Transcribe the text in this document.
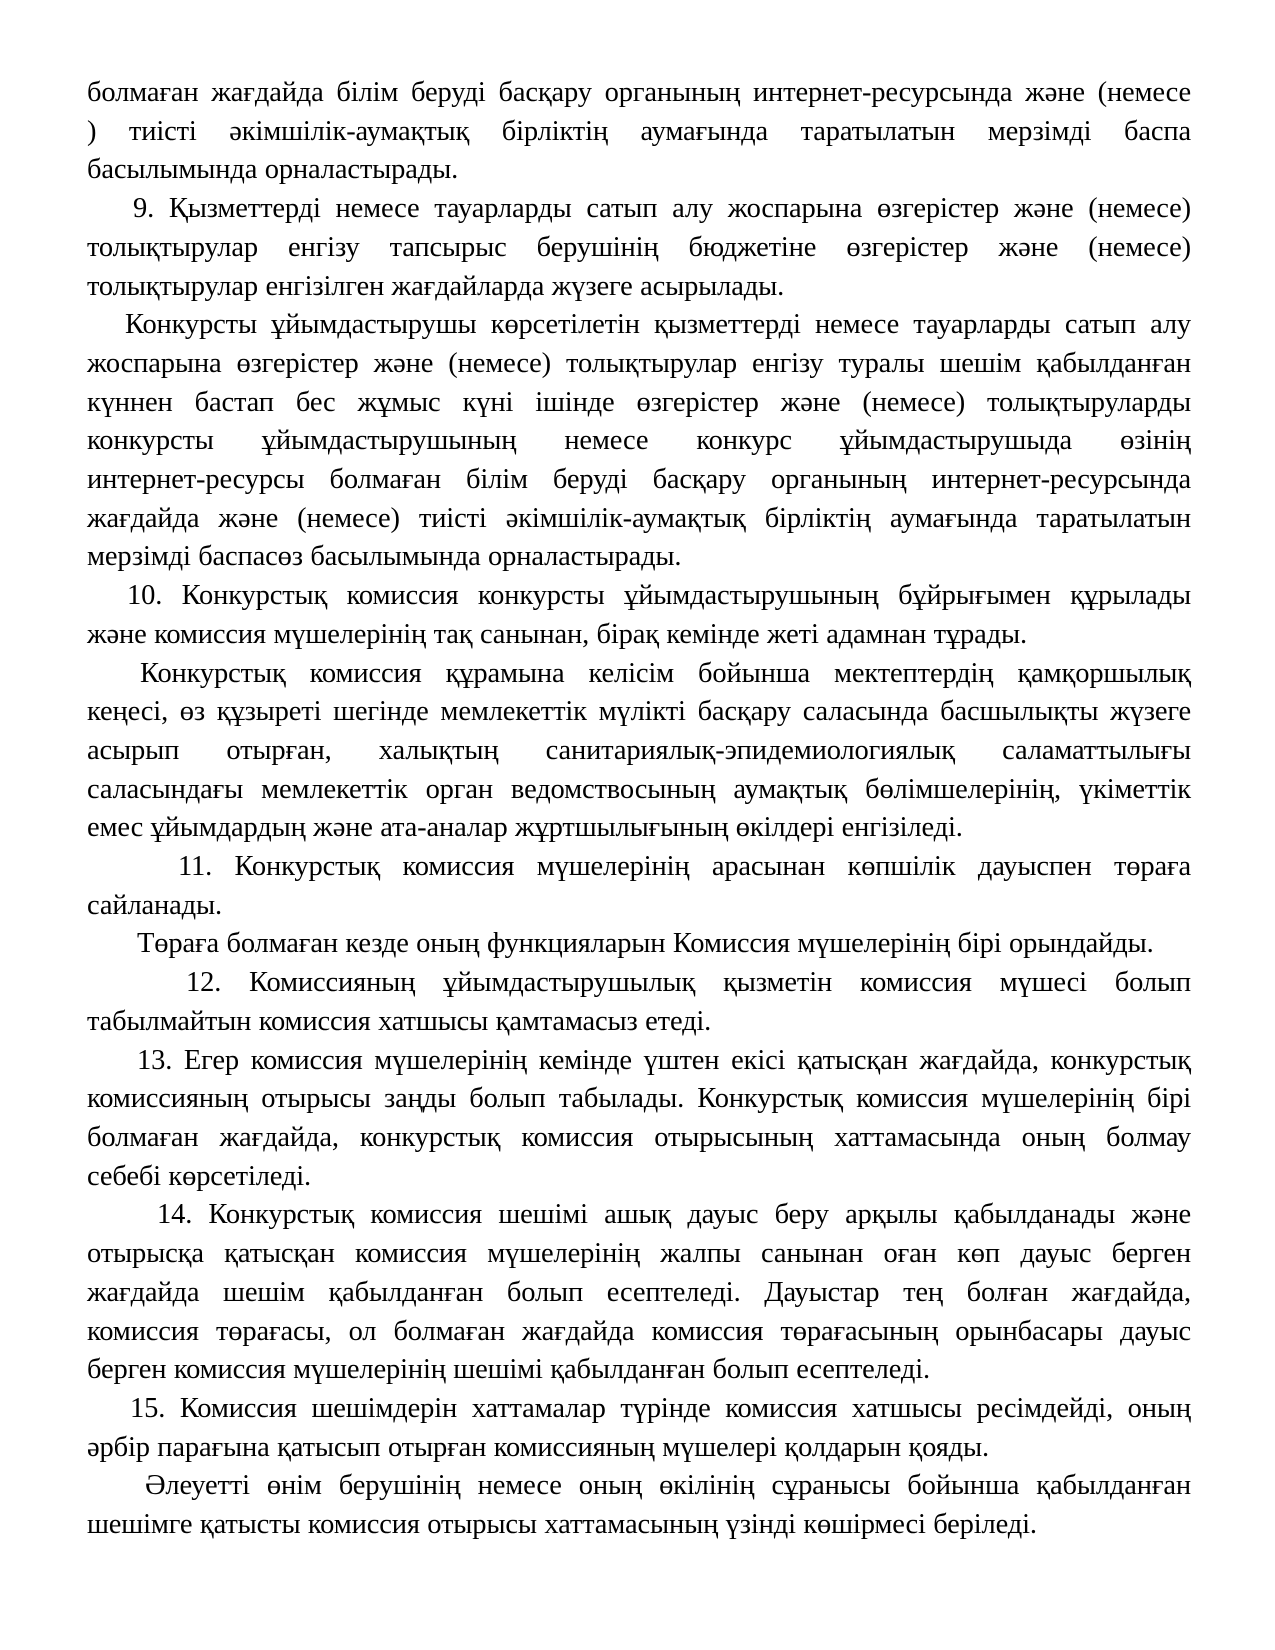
болмаған жағдайда білім беруді басқару органының интернет-ресурсында және (немесе
) тиісті әкімшілік-аумақтық бірліктің аумағында таратылатын мерзімді баспа
басылымында орналастырады.
9. Қызметтерді немесе тауарларды сатып алу жоспарына өзгерістер және (немесе)
толықтырулар енгізу тапсырыс берушінің бюджетіне өзгерістер және (немесе)
толықтырулар енгізілген жағдайларда жүзеге асырылады.
Конкурсты ұйымдастырушы көрсетілетін қызметтерді немесе тауарларды сатып алу
жоспарына өзгерістер және (немесе) толықтырулар енгізу туралы шешім қабылданған
күннен бастап бес жұмыс күні ішінде өзгерістер және (немесе) толықтыруларды
конкурсты ұйымдастырушының немесе конкурс ұйымдастырушыда өзінің
интернет-ресурсы болмаған білім беруді басқару органының интернет-ресурсында
жағдайда және (немесе) тиісті әкімшілік-аумақтық бірліктің аумағында таратылатын
мерзімді баспасөз басылымында орналастырады.
10. Конкурстық комиссия конкурсты ұйымдастырушының бұйрығымен құрылады
және комиссия мүшелерінің тақ санынан, бірақ кемінде жеті адамнан тұрады.
Конкурстық комиссия құрамына келісім бойынша мектептердің қамқоршылық
кеңесі, өз құзыреті шегінде мемлекеттік мүлікті басқару саласында басшылықты жүзеге
асырып отырған, халықтың санитариялық-эпидемиологиялық саламаттылығы
саласындағы мемлекеттік орган ведомствосының аумақтық бөлімшелерінің, үкіметтік
емес ұйымдардың және ата-аналар жұртшылығының өкілдері енгізіледі.
11. Конкурстық комиссия мүшелерінің арасынан көпшілік дауыспен төраға
сайланады.
Төраға болмаған кезде оның функцияларын Комиссия мүшелерінің бірі орындайды.
12. Комиссияның ұйымдастырушылық қызметін комиссия мүшесі болып
табылмайтын комиссия хатшысы қамтамасыз етеді.
13. Егер комиссия мүшелерінің кемінде үштен екісі қатысқан жағдайда, конкурстық
комиссияның отырысы заңды болып табылады. Конкурстық комиссия мүшелерінің бірі
болмаған жағдайда, конкурстық комиссия отырысының хаттамасында оның болмау
себебі көрсетіледі.
14. Конкурстық комиссия шешімі ашық дауыс беру арқылы қабылданады және
отырысқа қатысқан комиссия мүшелерінің жалпы санынан оған көп дауыс берген
жағдайда шешім қабылданған болып есептеледі. Дауыстар тең болған жағдайда,
комиссия төрағасы, ол болмаған жағдайда комиссия төрағасының орынбасары дауыс
берген комиссия мүшелерінің шешімі қабылданған болып есептеледі.
15. Комиссия шешімдерін хаттамалар түрінде комиссия хатшысы ресімдейді, оның
әрбір парағына қатысып отырған комиссияның мүшелері қолдарын қояды.
Әлеуетті өнім берушінің немесе оның өкілінің сұранысы бойынша қабылданған
шешімге қатысты комиссия отырысы хаттамасының үзінді көшірмесі беріледі.
